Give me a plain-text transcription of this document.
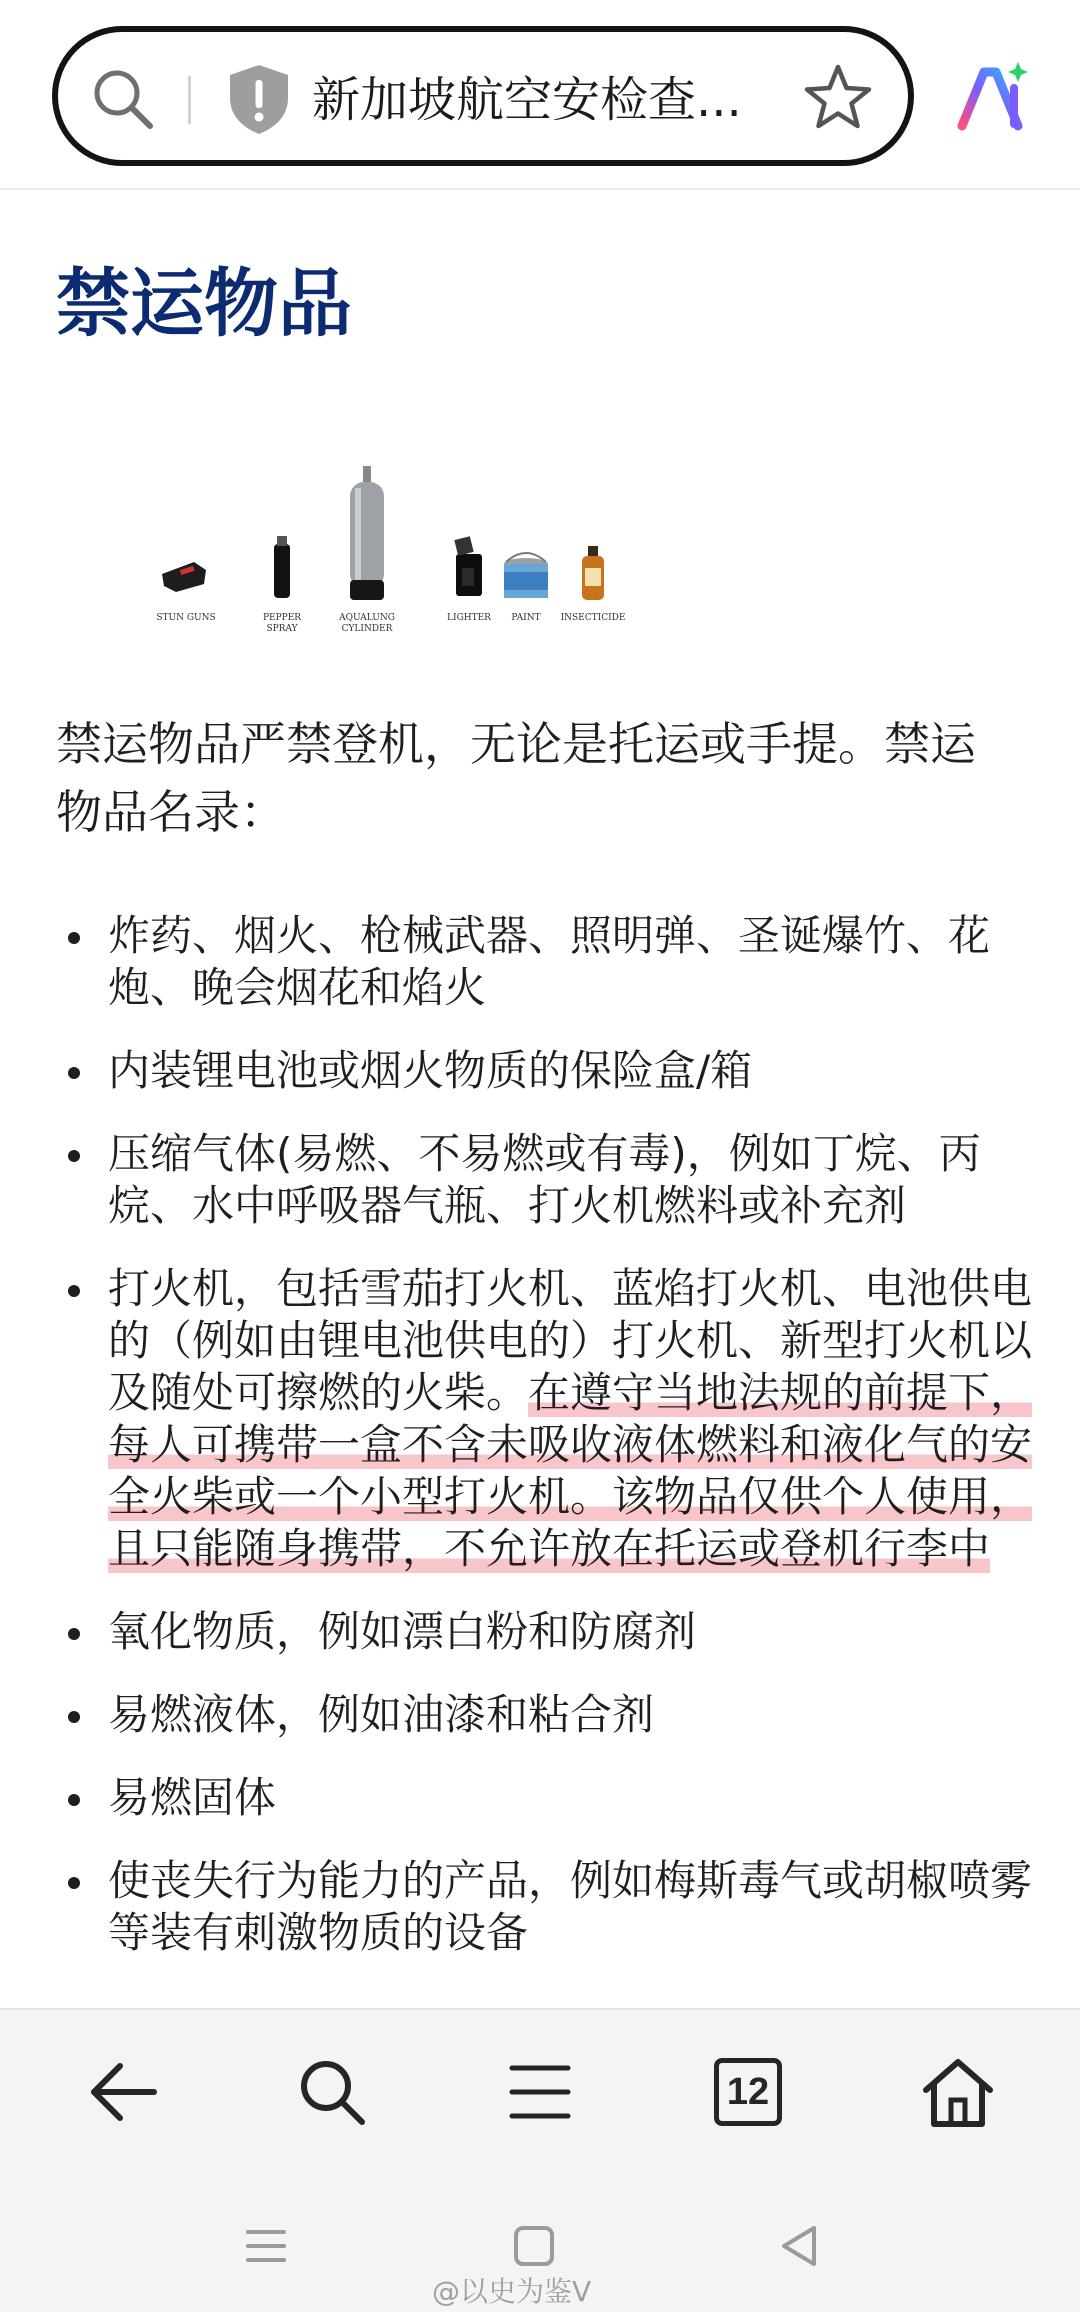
新加坡航空安检查...
禁运物品
STUN GUNS	PEPPER
SPRAY
AQUALUNG
CYLINDER
LIGHTER PAINT INSECTICIDE

禁运物品严禁登机，无论是托运或手提。禁运物品名录：

炸药、烟火、枪械武器、照明弹、圣诞爆竹、花炮、晚会烟花和焰火
内装锂电池或烟火物质的保险盒/箱
压缩气体(易燃、不易燃或有毒)，例如丁烷、丙烷、水中呼吸器气瓶、打火机燃料或补充剂
打火机，包括雪茄打火机、蓝焰打火机、电池供电的（例如由锂电池供电的）打火机、新型打火机以及随处可擦燃的火柴。在遵守当地法规的前提下，每人可携带一盒不含未吸收液体燃料和液化气的安全火柴或一个小型打火机。该物品仅供个人使用，且只能随身携带，不允许放在托运或登机行李中
氧化物质，例如漂白粉和防腐剂
易燃液体，例如油漆和粘合剂
易燃固体
使丧失行为能力的产品，例如梅斯毒气或胡椒喷雾等装有刺激物质的设备
12
@以史为鉴V
